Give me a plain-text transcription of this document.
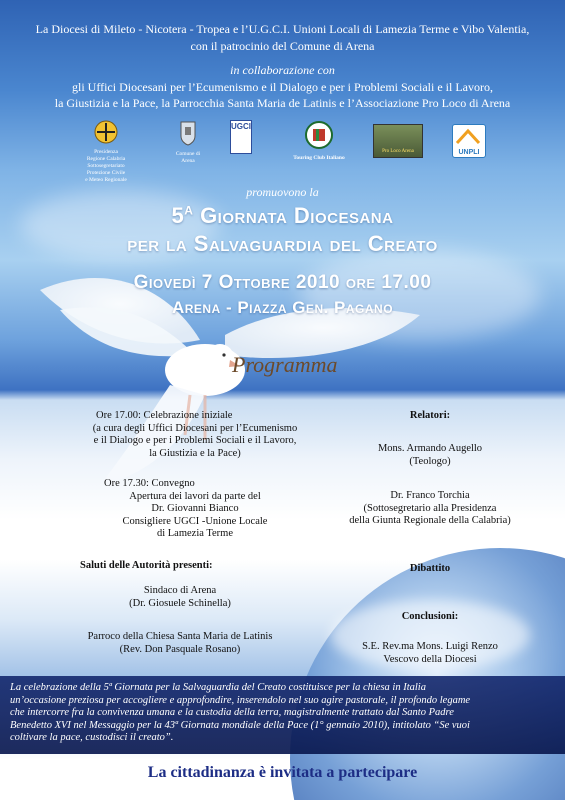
La Diocesi di Mileto - Nicotera - Tropea e l’U.G.C.I. Unioni Locali di Lamezia Terme e Vibo Valentia,
con il patrocinio del Comune di Arena
in collaborazione con
gli Uffici Diocesani per l’Ecumenismo e il Dialogo e per i Problemi Sociali e il Lavoro,
la Giustizia e la Pace, la Parrocchia Santa Maria de Latinis e l’Associazione Pro Loco di Arena
Presidenza
Regione Calabria
Sottosegretariato Protezione Civile
e Meteo Regionale
Comune di
Arena
UGCI
Touring Club Italiano
Pro Loco Arena	UNPLI
promuovono la
$5^A$ Giornata Diocesana
per la Salvaguardia del Creato
Giovedì 7 Ottobre 2010 ore 17.00
Arena - Piazza Gen. Pagano
Programma
Ore 17.00: Celebrazione iniziale
(a cura degli Uffici Diocesani per l’Ecumenismo
e il Dialogo e per i Problemi Sociali e il Lavoro,
la Giustizia e la Pace)
Ore 17.30: Convegno
Apertura dei lavori da parte del
Dr. Giovanni Bianco
Consigliere UGCI -Unione Locale
di Lamezia Terme
Saluti delle Autorità presenti:
Sindaco di Arena
(Dr. Giosuele Schinella)
Parroco della Chiesa Santa Maria de Latinis
(Rev. Don Pasquale Rosano)
Relatori:
Mons. Armando Augello
(Teologo)
Dr. Franco Torchia
(Sottosegretario alla Presidenza
della Giunta Regionale della Calabria)
Dibattito
Conclusioni:
S.E. Rev.ma Mons. Luigi Renzo
Vescovo della Diocesi
La celebrazione della 5ª Giornata per la Salvaguardia del Creato costituisce per la chiesa in Italia
un’occasione preziosa per accogliere e approfondire, inserendolo nel suo agire pastorale, il profondo legame
che intercorre fra la convivenza umana e la custodia della terra, magistralmente trattato dal Santo Padre
Benedetto XVI nel Messaggio per la 43ª Giornata mondiale della Pace (1° gennaio 2010), intitolato “Se vuoi
coltivare la pace, custodisci il creato”.
La cittadinanza è invitata a partecipare
